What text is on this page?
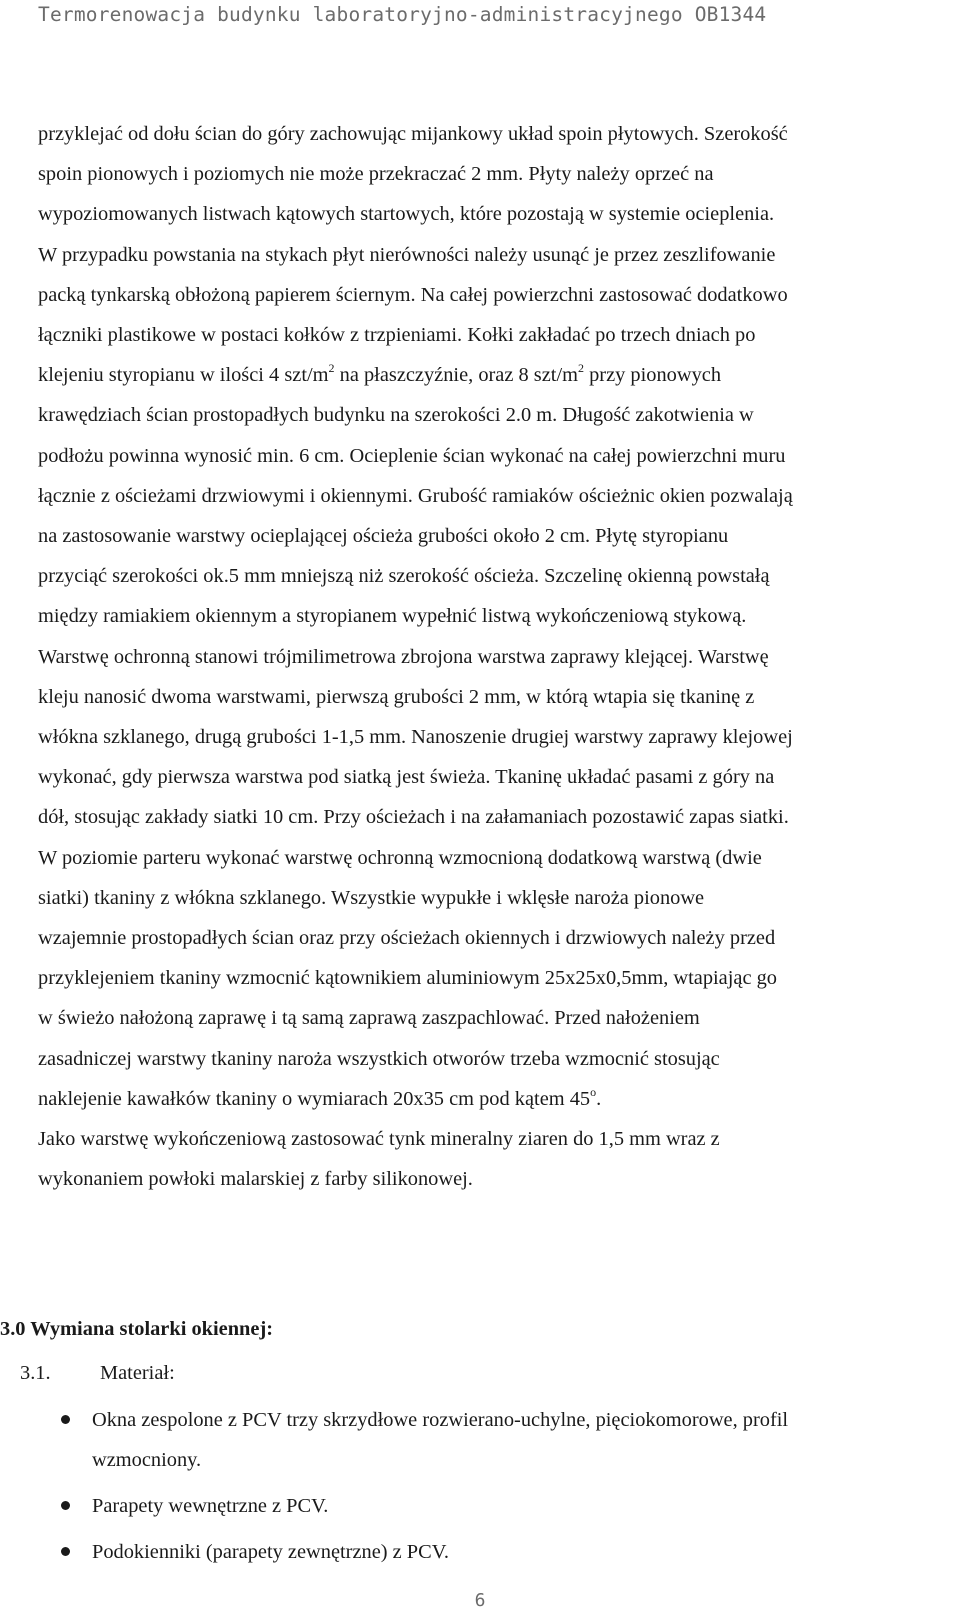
Termorenowacja budynku laboratoryjno-administracyjnego OB1344
przyklejać od dołu ścian do góry zachowując mijankowy układ spoin płytowych. Szerokość
spoin pionowych i poziomych nie może przekraczać 2 mm. Płyty należy oprzeć na
wypoziomowanych listwach kątowych startowych, które pozostają w systemie ocieplenia.
W przypadku powstania na stykach płyt nierówności należy usunąć je przez zeszlifowanie
packą tynkarską obłożoną papierem ściernym. Na całej powierzchni zastosować dodatkowo
łączniki plastikowe w postaci kołków z trzpieniami. Kołki zakładać po trzech dniach po
klejeniu styropianu w ilości 4 szt/$m^2$ na płaszczyźnie, oraz 8 szt/$m^2$ przy pionowych
krawędziach ścian prostopadłych budynku na szerokości 2.0 m. Długość zakotwienia w
podłożu powinna wynosić min. 6 cm. Ocieplenie ścian wykonać na całej powierzchni muru
łącznie z ościeżami drzwiowymi i okiennymi. Grubość ramiaków ościeżnic okien pozwalają
na zastosowanie warstwy ocieplającej ościeża grubości około 2 cm. Płytę styropianu
przyciąć szerokości ok.5 mm mniejszą niż szerokość ościeża. Szczelinę okienną powstałą
między ramiakiem okiennym a styropianem wypełnić listwą wykończeniową stykową.
Warstwę ochronną stanowi trójmilimetrowa zbrojona warstwa zaprawy klejącej. Warstwę
kleju nanosić dwoma warstwami, pierwszą grubości 2 mm, w którą wtapia się tkaninę z
włókna szklanego, drugą grubości 1-1,5 mm. Nanoszenie drugiej warstwy zaprawy klejowej
wykonać, gdy pierwsza warstwa pod siatką jest świeża. Tkaninę układać pasami z góry na
dół, stosując zakłady siatki 10 cm. Przy ościeżach i na załamaniach pozostawić zapas siatki.
W poziomie parteru wykonać warstwę ochronną wzmocnioną dodatkową warstwą (dwie
siatki) tkaniny z włókna szklanego. Wszystkie wypukłe i wklęsłe naroża pionowe
wzajemnie prostopadłych ścian oraz przy ościeżach okiennych i drzwiowych należy przed
przyklejeniem tkaniny wzmocnić kątownikiem aluminiowym 25x25x0,5mm, wtapiając go
w świeżo nałożoną zaprawę i tą samą zaprawą zaszpachlować. Przed nałożeniem
zasadniczej warstwy tkaniny naroża wszystkich otworów trzeba wzmocnić stosując
naklejenie kawałków tkaniny o wymiarach 20x35 cm pod kątem 45$^o$.
Jako warstwę wykończeniową zastosować tynk mineralny ziaren do 1,5 mm wraz z
wykonaniem powłoki malarskiej z farby silikonowej.
3.0 Wymiana stolarki okiennej:
3.1. Materiał:
Okna zespolone z PCV trzy skrzydłowe rozwierano-uchylne, pięciokomorowe, profil
wzmocniony.
Parapety wewnętrzne z PCV.
Podokienniki (parapety zewnętrzne) z PCV.
6
